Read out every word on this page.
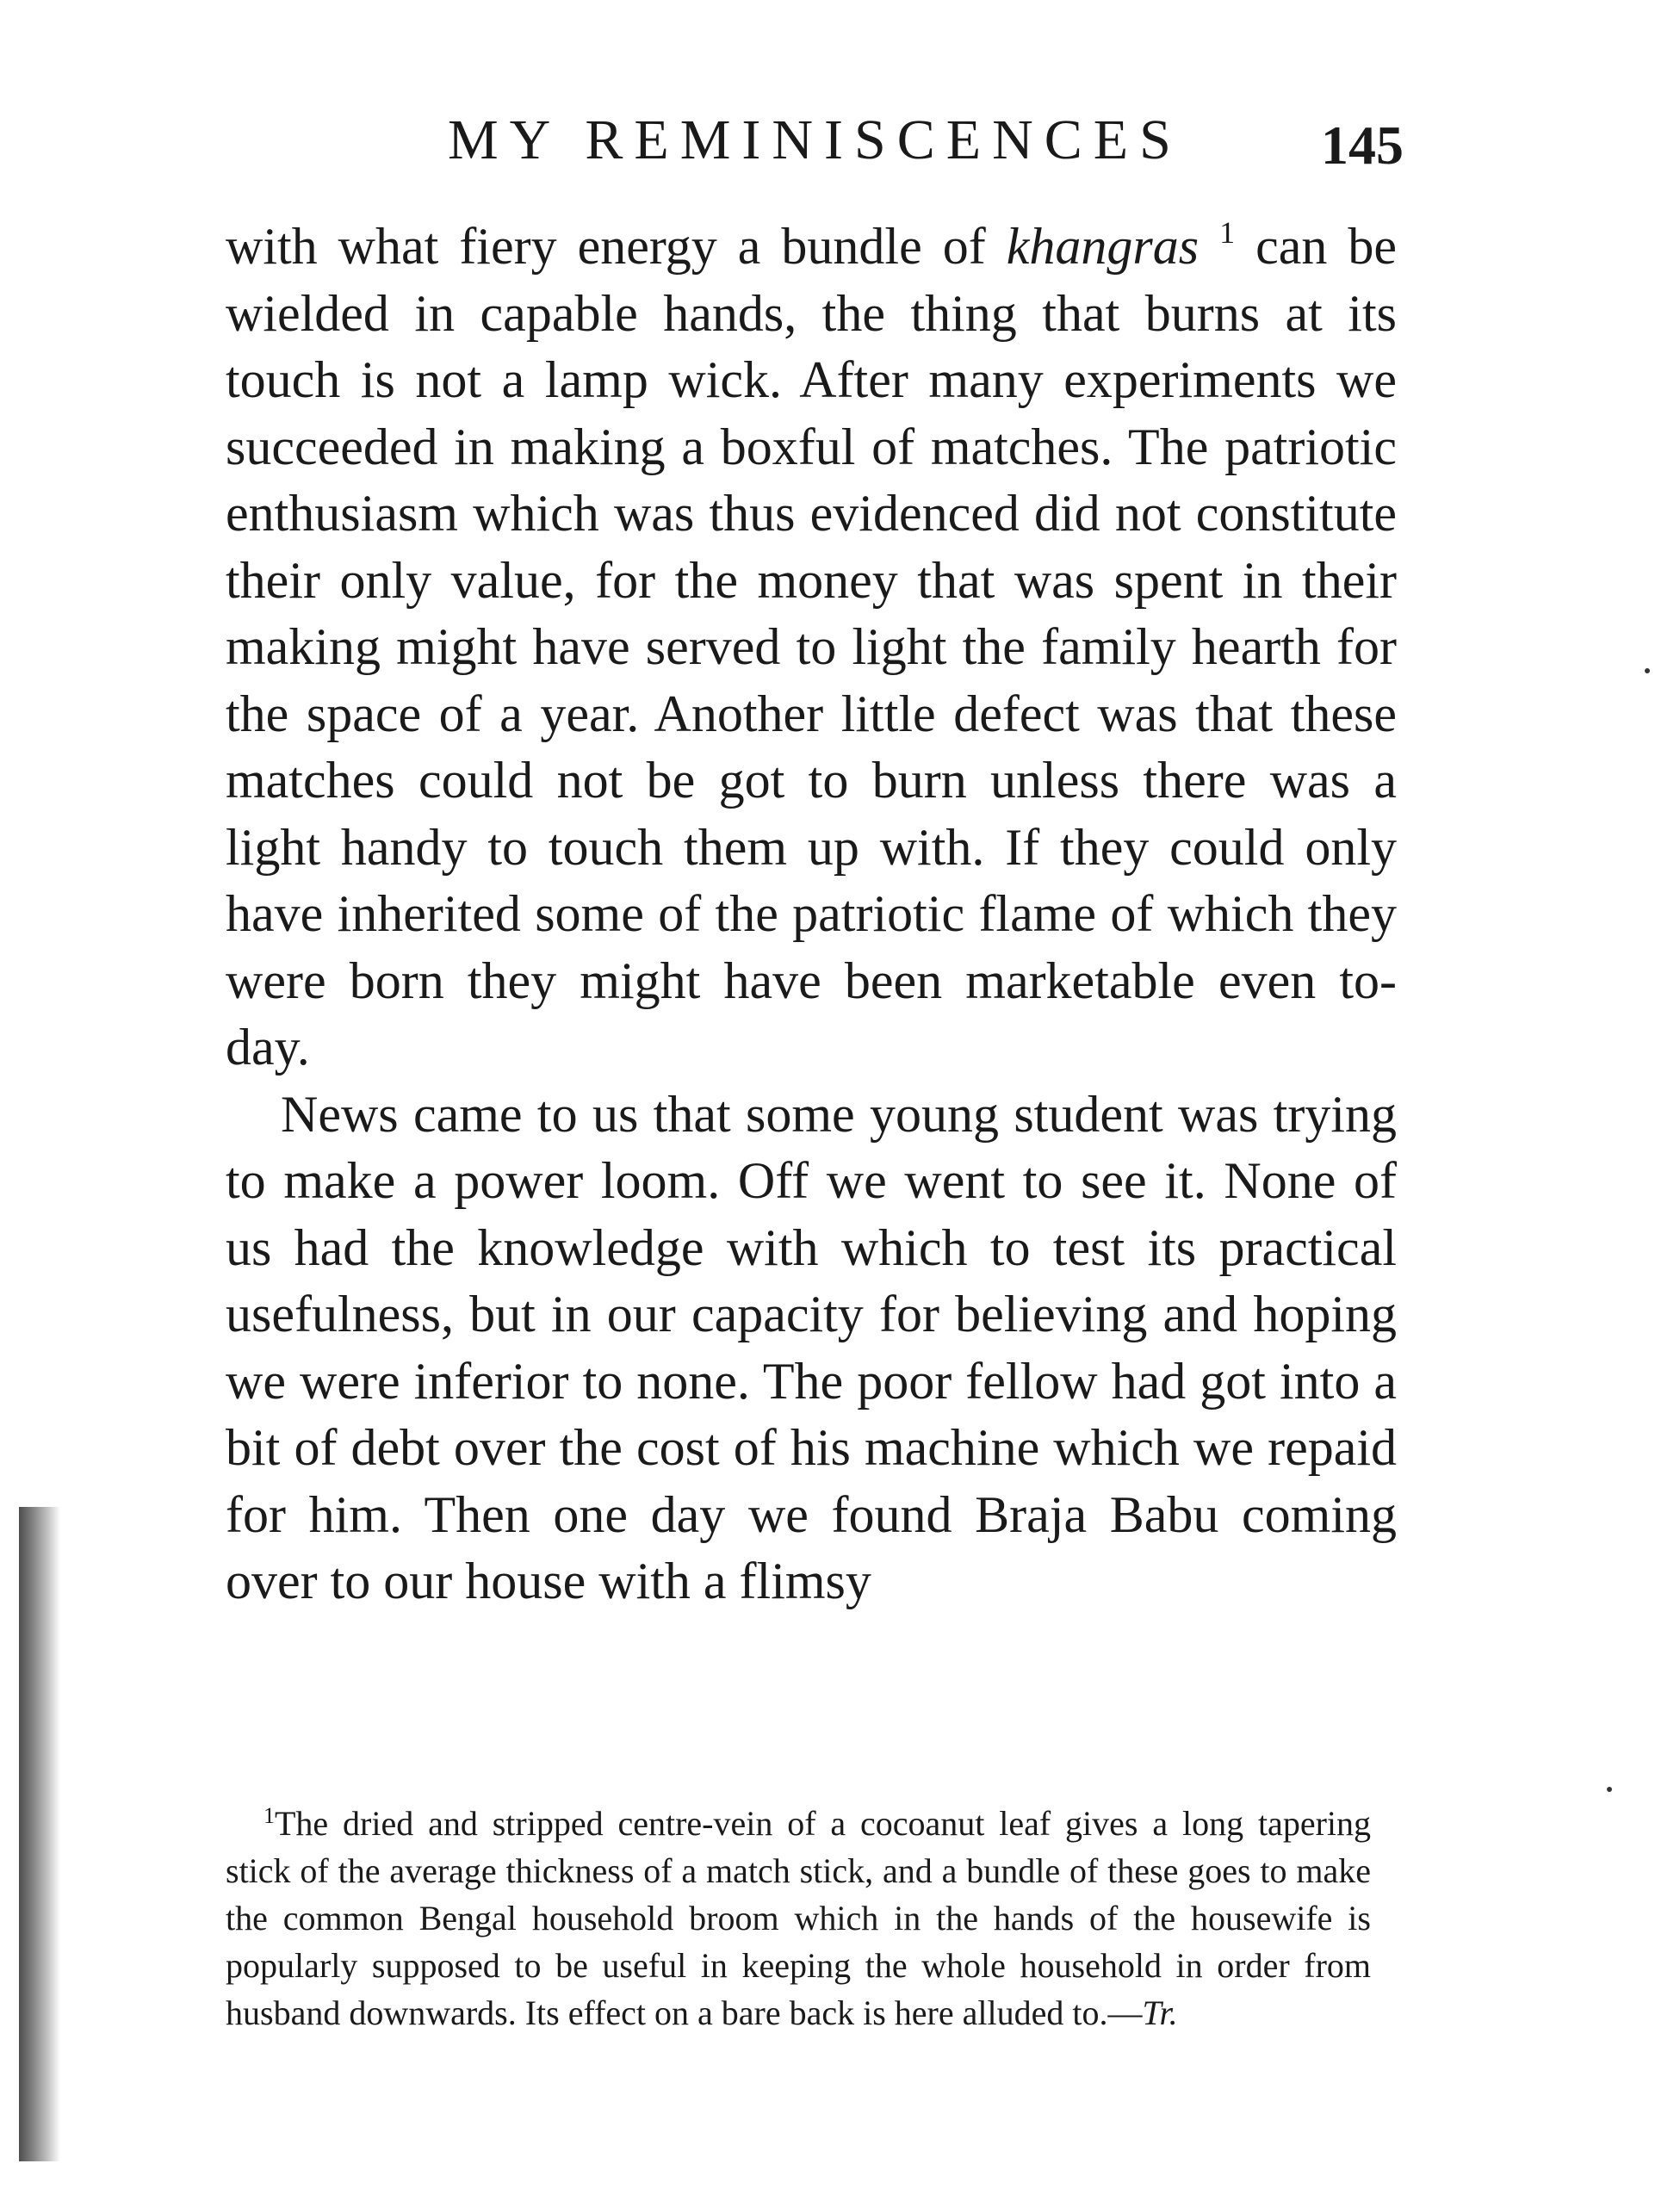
MY REMINISCENCES	145

with what fiery energy a bundle of khangras $^1$ can be wielded in capable hands, the thing that burns at its touch is not a lamp wick. After many experiments we succeeded in making a boxful of matches. The patriotic enthusiasm which was thus evidenced did not constitute their only value, for the money that was spent in their making might have served to light the family hearth for the space of a year. Another little defect was that these matches could not be got to burn unless there was a light handy to touch them up with. If they could only have inherited some of the patriotic flame of which they were born they might have been marketable even to-day.

News came to us that some young student was trying to make a power loom. Off we went to see it. None of us had the knowledge with which to test its practical usefulness, but in our capacity for believing and hoping we were inferior to none. The poor fellow had got into a bit of debt over the cost of his machine which we repaid for him. Then one day we found Braja Babu coming over to our house with a flimsy

$^1$The dried and stripped centre-vein of a cocoanut leaf gives a long tapering stick of the average thickness of a match stick, and a bundle of these goes to make the common Bengal household broom which in the hands of the housewife is popularly supposed to be useful in keeping the whole household in order from husband downwards. Its effect on a bare back is here alluded to.—Tr.
